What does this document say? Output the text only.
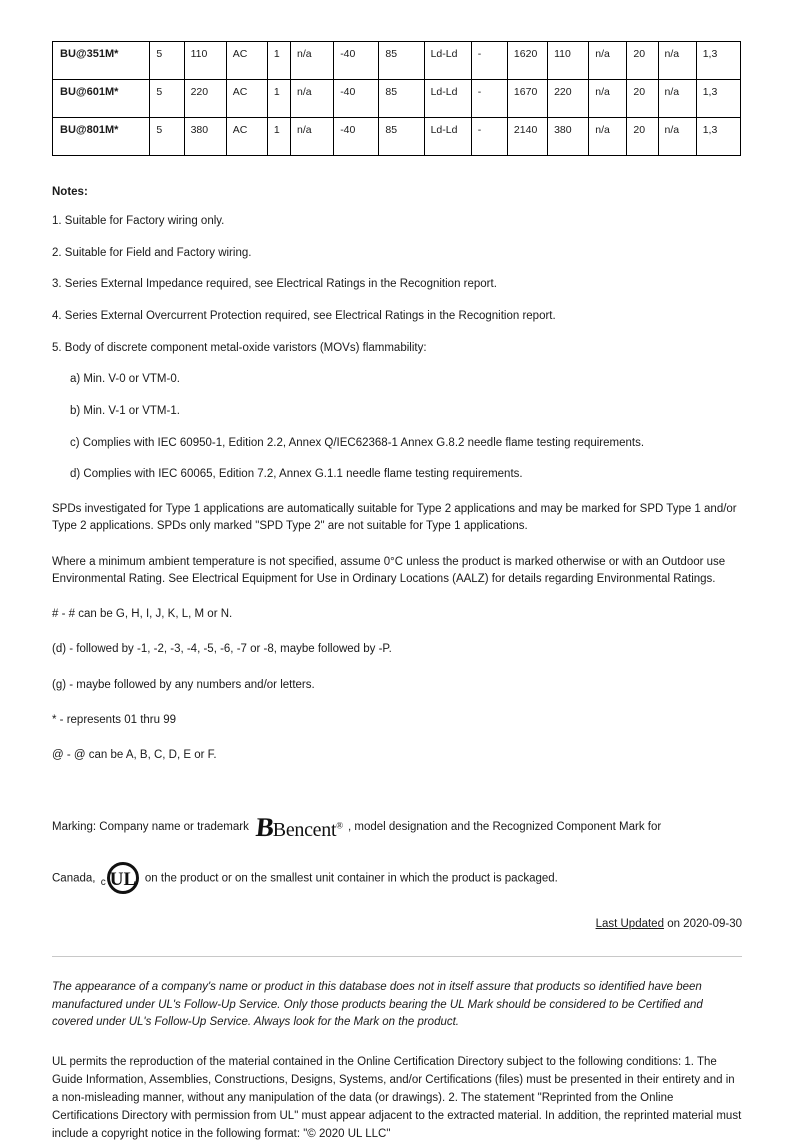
BU@351M*	5	110	AC	1	n/a	-40	85	Ld-Ld	-	1620	110	n/a	20	n/a	1,3
BU@601M*	5	220	AC	1	n/a	-40	85	Ld-Ld	-	1670	220	n/a	20	n/a	1,3
BU@801M*	5	380	AC	1	n/a	-40	85	Ld-Ld	-	2140	380	n/a	20	n/a	1,3
Notes:

1. Suitable for Factory wiring only.

2. Suitable for Field and Factory wiring.

3. Series External Impedance required, see Electrical Ratings in the Recognition report.

4. Series External Overcurrent Protection required, see Electrical Ratings in the Recognition report.

5. Body of discrete component metal-oxide varistors (MOVs) flammability:

a) Min. V-0 or VTM-0.

b) Min. V-1 or VTM-1.

c) Complies with IEC 60950-1, Edition 2.2, Annex Q/IEC62368-1 Annex G.8.2 needle flame testing requirements.

d) Complies with IEC 60065, Edition 7.2, Annex G.1.1 needle flame testing requirements.

SPDs investigated for Type 1 applications are automatically suitable for Type 2 applications and may be marked for SPD Type 1 and/or Type 2 applications. SPDs only marked "SPD Type 2" are not suitable for Type 1 applications.

Where a minimum ambient temperature is not specified, assume 0°C unless the product is marked otherwise or with an Outdoor use Environmental Rating. See Electrical Equipment for Use in Ordinary Locations (AALZ) for details regarding Environmental Ratings.

# - # can be G, H, I, J, K, L, M or N.

(d) - followed by -1, -2, -3, -4, -5, -6, -7 or -8, maybe followed by -P.

(g) - maybe followed by any numbers and/or letters.

* - represents 01 thru 99

@ - @ can be A, B, C, D, E or F.

Marking: Company name or trademark BBencent® , model designation and the Recognized Component Mark for
Canada, c UL on the product or on the smallest unit container in which the product is packaged.
Last Updated on 2020-09-30

The appearance of a company's name or product in this database does not in itself assure that products so identified have been manufactured under UL's Follow-Up Service. Only those products bearing the UL Mark should be considered to be Certified and covered under UL's Follow-Up Service. Always look for the Mark on the product.

UL permits the reproduction of the material contained in the Online Certification Directory subject to the following conditions: 1. The Guide Information, Assemblies, Constructions, Designs, Systems, and/or Certifications (files) must be presented in their entirety and in a non-misleading manner, without any manipulation of the data (or drawings). 2. The statement "Reprinted from the Online Certifications Directory with permission from UL" must appear adjacent to the extracted material. In addition, the reprinted material must include a copyright notice in the following format: "© 2020 UL LLC"
